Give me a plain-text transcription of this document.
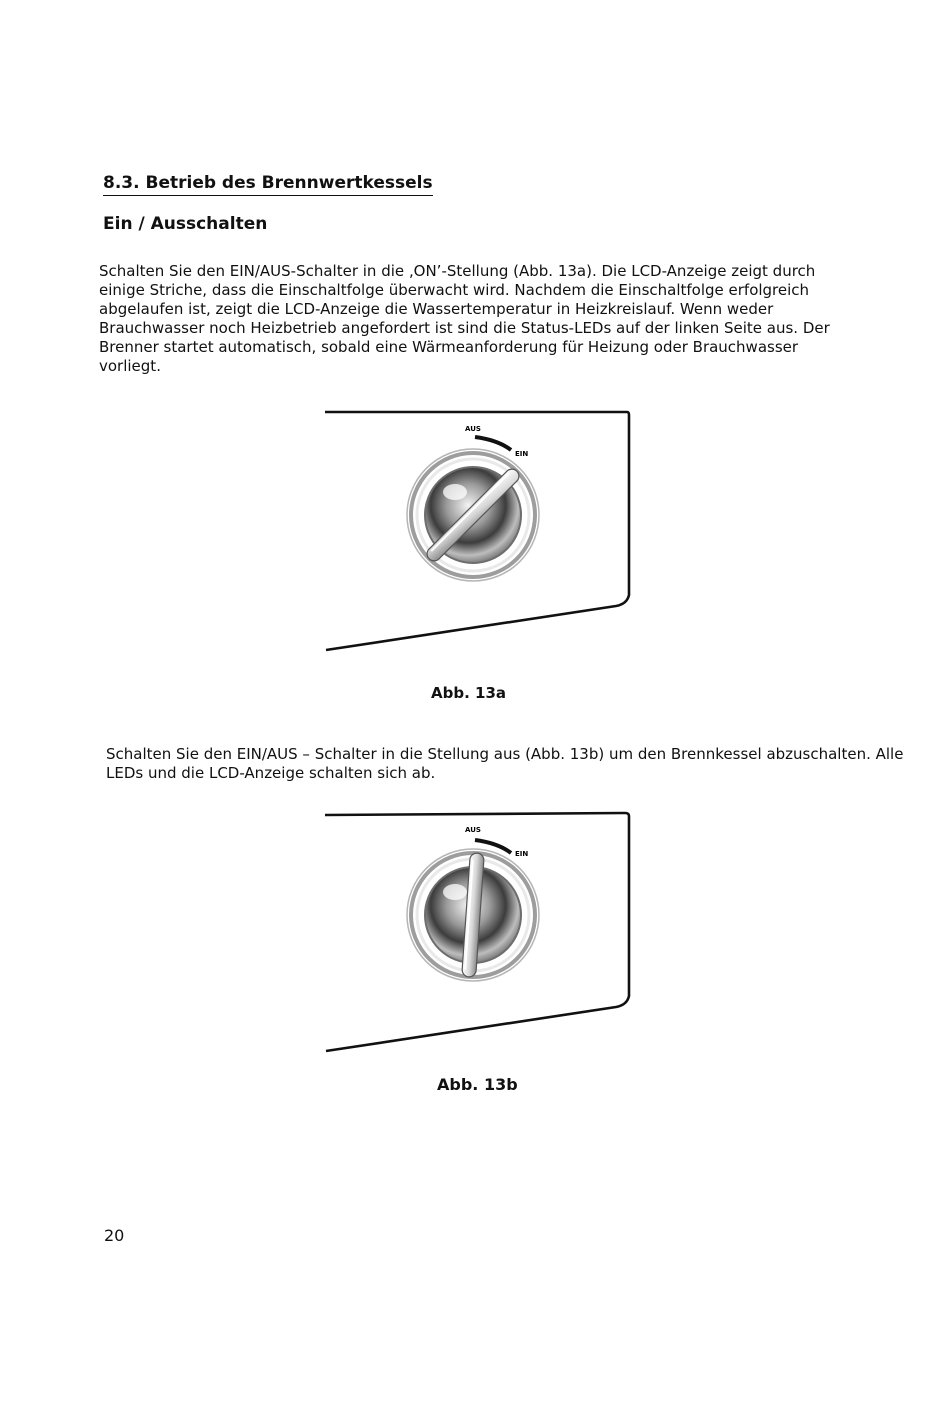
8.3. Betrieb des Brennwertkessels
Ein / Ausschalten

Schalten Sie den EIN/AUS-Schalter in die ‚ON’-Stellung (Abb. 13a). Die LCD-Anzeige zeigt durch einige Striche, dass die Einschaltfolge überwacht wird. Nachdem die Einschaltfolge erfolgreich abgelaufen ist, zeigt die LCD-Anzeige die Wassertemperatur in Heizkreislauf. Wenn weder Brauchwasser noch Heizbetrieb angefordert ist sind die Status-LEDs auf der linken Seite aus. Der Brenner startet automatisch, sobald eine Wärmeanforderung für Heizung oder Brauchwasser vorliegt.

AUS
EIN

Abb. 13a

Schalten Sie den EIN/AUS – Schalter in die Stellung aus (Abb. 13b) um den Brennkessel abzuschalten. Alle LEDs und die LCD-Anzeige schalten sich ab.

AUS
EIN

Abb. 13b

20
